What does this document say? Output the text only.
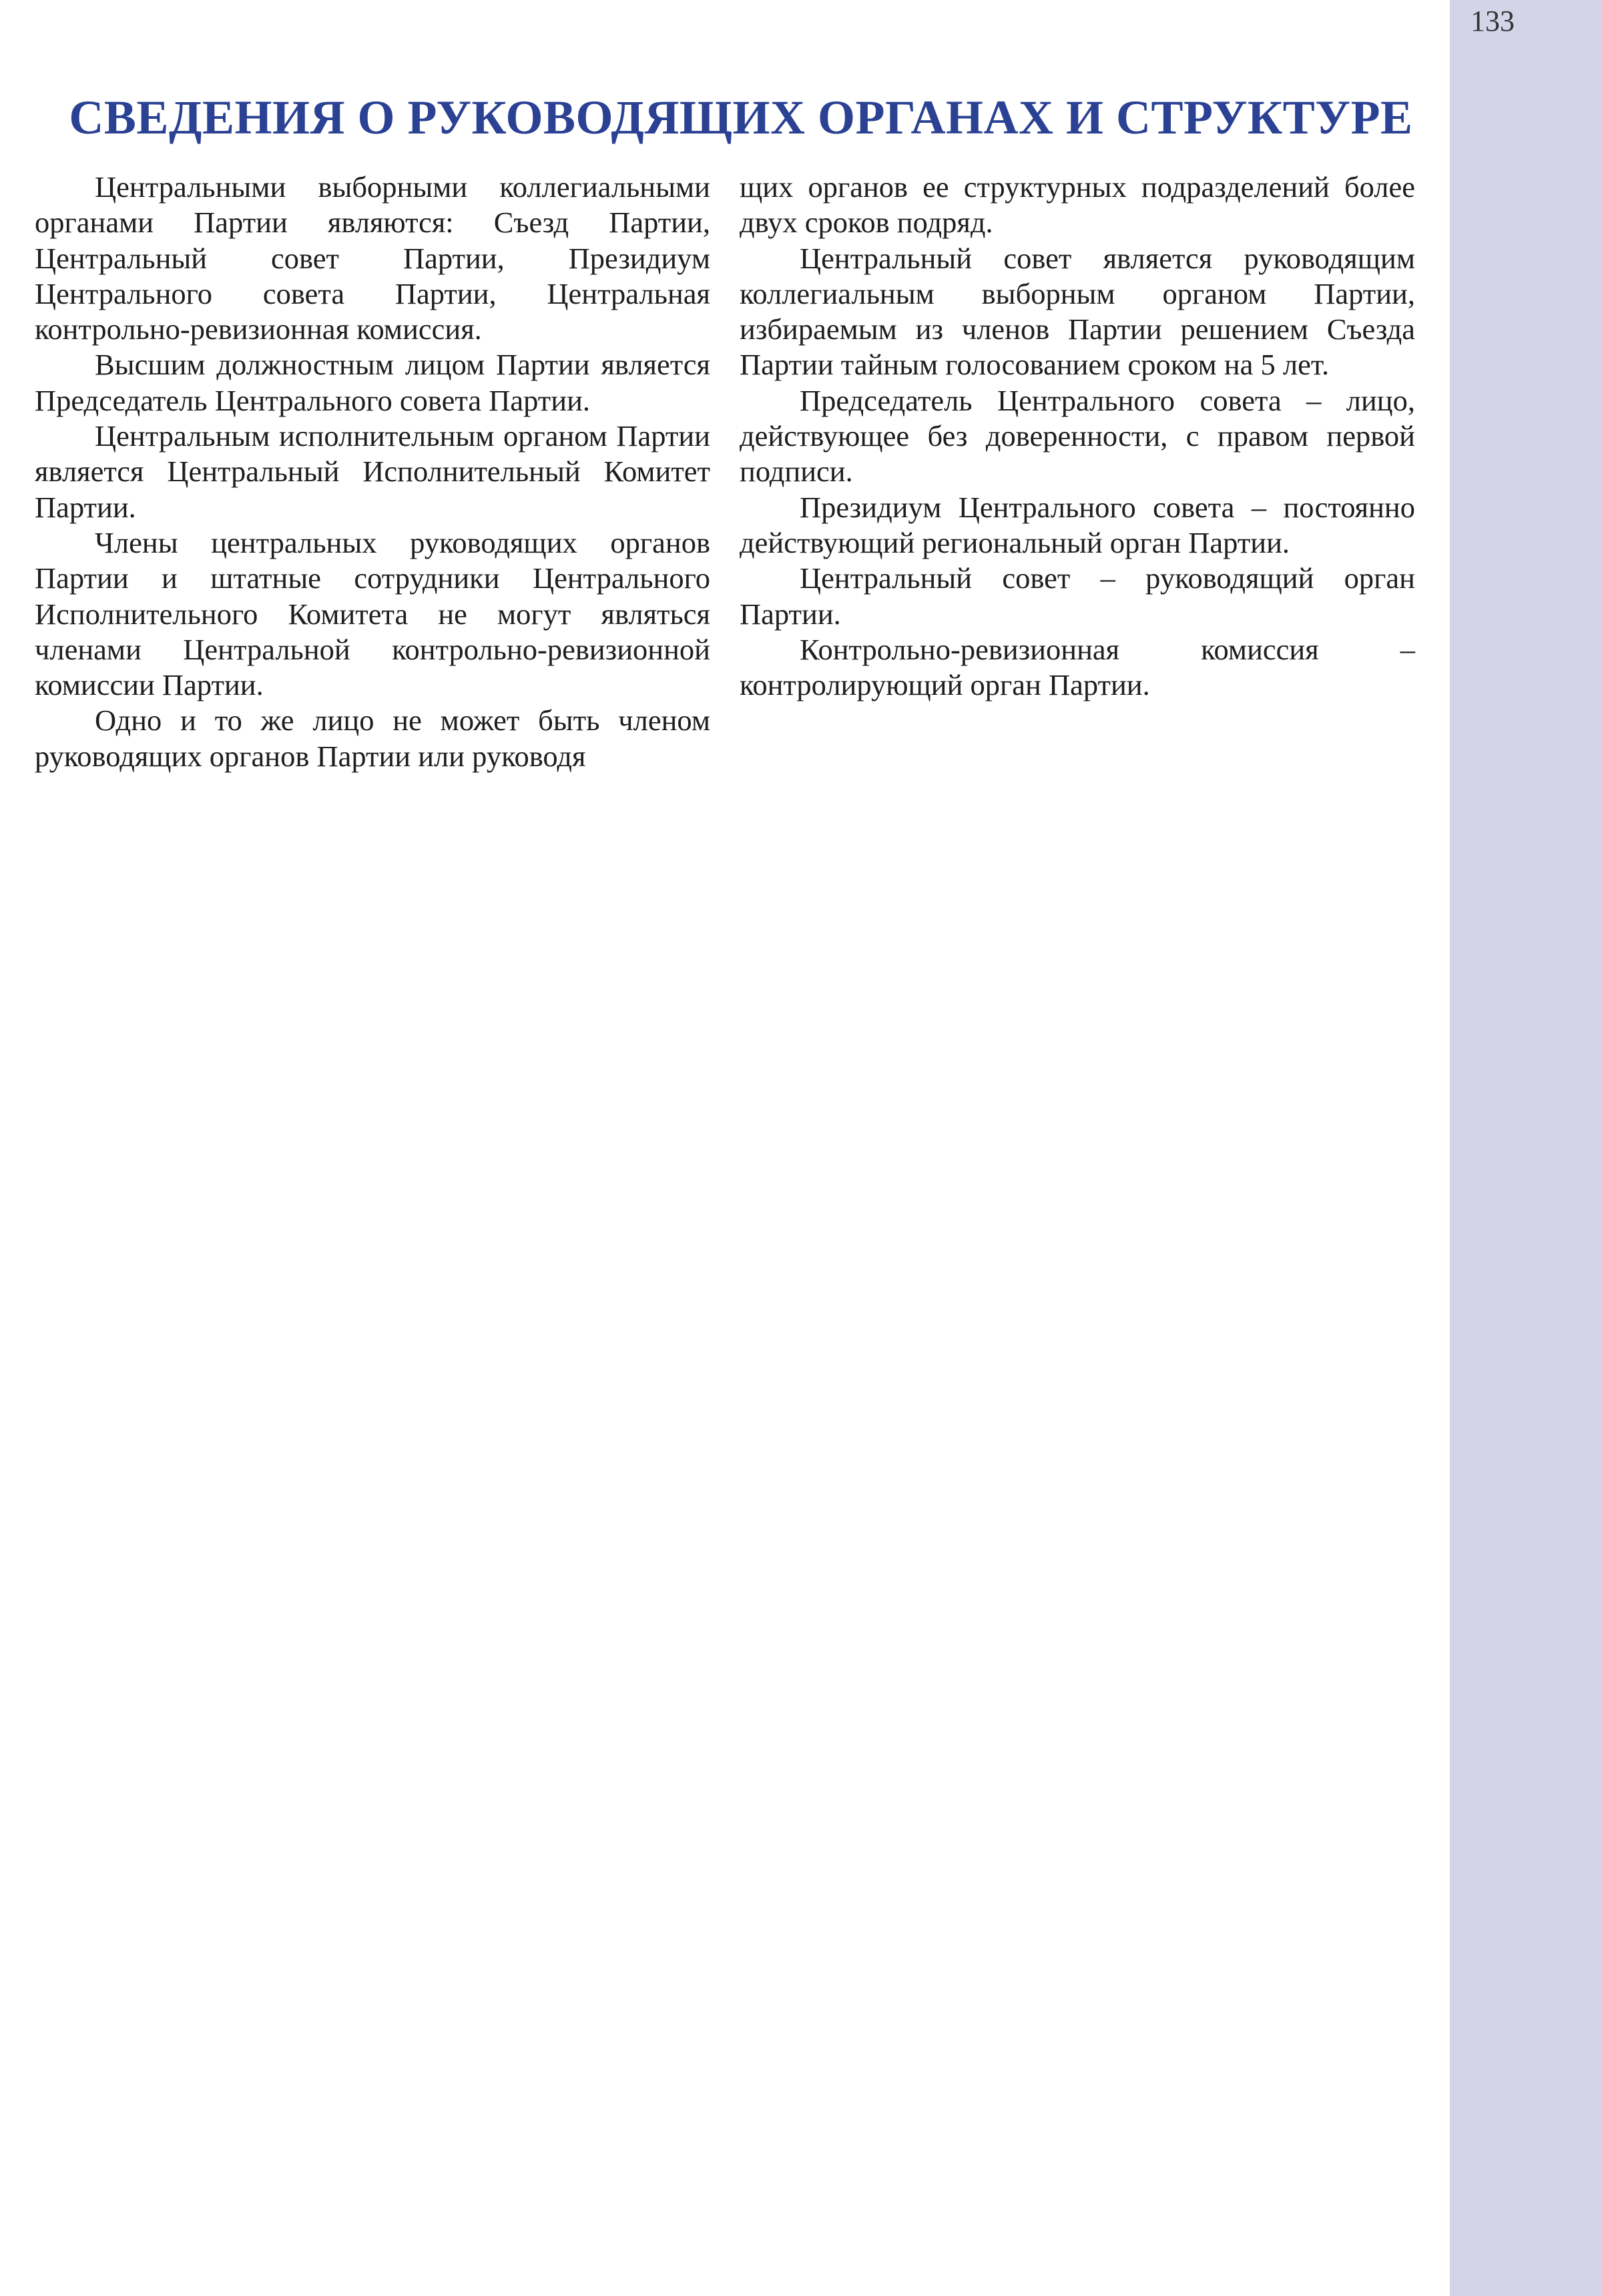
133
СВЕДЕНИЯ О РУКОВОДЯЩИХ ОРГАНАХ И СТРУКТУРЕ

Центральными выборными коллегиальными органами Партии являются: Съезд Партии, Центральный совет Партии, Президиум Центрального совета Партии, Центральная контрольно-ревизионная комиссия.

Высшим должностным лицом Партии является Председатель Центрального совета Партии.

Центральным исполнительным органом Партии является Центральный Исполнительный Комитет Партии.

Члены центральных руководящих органов Партии и штатные сотрудники Центрального Исполнительного Комитета не могут являться членами Центральной контрольно-ревизионной комиссии Партии.

Одно и то же лицо не может быть членом руководящих органов Партии или руководя

щих органов ее структурных подразделений более двух сроков подряд.

Центральный совет является руководящим коллегиальным выборным органом Партии, избираемым из членов Партии решением Съезда Партии тайным голосованием сроком на 5 лет.

Председатель Центрального совета – лицо, действующее без доверенности, с правом первой подписи.

Президиум Центрального совета – постоянно действующий региональный орган Партии.

Центральный совет – руководящий орган Партии.

Контрольно-ревизионная комиссия – контролирующий орган Партии.
